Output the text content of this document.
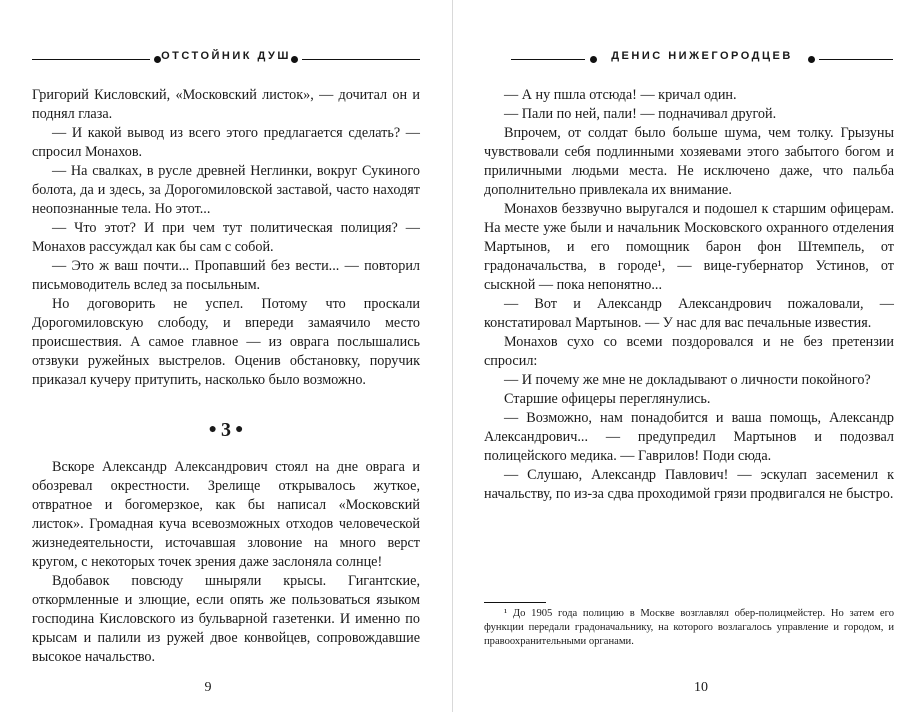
ОТСТОЙНИК ДУШ

Григорий Кисловский, «Московский листок», — дочитал он и поднял глаза.

— И какой вывод из всего этого предлагается сделать? — спросил Монахов.

— На свалках, в русле древней Неглинки, вокруг Сукиного болота, да и здесь, за Дорогомиловской заставой, часто находят неопознанные тела. Но этот...

— Что этот? И при чем тут политическая полиция? — Монахов рассуждал как бы сам с собой.

— Это ж ваш почти... Пропавший без вести... — повторил письмоводитель вслед за посыльным.

Но договорить не успел. Потому что проскали Дорогомиловскую слободу, и впереди замаячило место происшествия. А самое главное — из оврага послышались отзвуки ружейных выстрелов. Оценив обстановку, поручик приказал кучеру притупить, насколько было возможно.

● 3 ●

Вскоре Александр Александрович стоял на дне оврага и обозревал окрестности. Зрелище открывалось жуткое, отвратное и богомерзкое, как бы написал «Московский листок». Громадная куча всевозможных отходов человеческой жизнедеятельности, источавшая зловоние на много верст кругом, с некоторых точек зрения даже заслоняла солнце!

Вдобавок повсюду шныряли крысы. Гигантские, откормленные и злющие, если опять же пользоваться языком господина Кисловского из бульварной газетенки. И именно по крысам и палили из ружей двое конвойцев, сопровождавшие высокое начальство.

9
ДЕНИС НИЖЕГОРОДЦЕВ

— А ну пшла отсюда! — кричал один.

— Пали по ней, пали! — подначивал другой.

Впрочем, от солдат было больше шума, чем толку. Грызуны чувствовали себя подлинными хозяевами этого забытого богом и приличными людьми места. Не исключено даже, что пальба дополнительно привлекала их внимание.

Монахов беззвучно выругался и подошел к старшим офицерам. На месте уже были и начальник Московского охранного отделения Мартынов, и его помощник барон фон Штемпель, от градоначальства, в городе¹, — вице-губернатор Устинов, от сыскной — пока непонятно...

— Вот и Александр Александрович пожаловали, — констатировал Мартынов. — У нас для вас печальные известия.

Монахов сухо со всеми поздоровался и не без претензии спросил:

— И почему же мне не докладывают о личности покойного?

Старшие офицеры переглянулись.

— Возможно, нам понадобится и ваша помощь, Александр Александрович... — предупредил Мартынов и подозвал полицейского медика. — Гаврилов! Поди сюда.

— Слушаю, Александр Павлович! — эскулап засеменил к начальству, по из-за сдва проходимой грязи продвигался не быстро.

¹ До 1905 года полицию в Москве возглавлял обер-полицмейстер. Но затем его функции передали градоначальнику, на которого возлагалось управление и городом, и правоохранительными органами.

10
